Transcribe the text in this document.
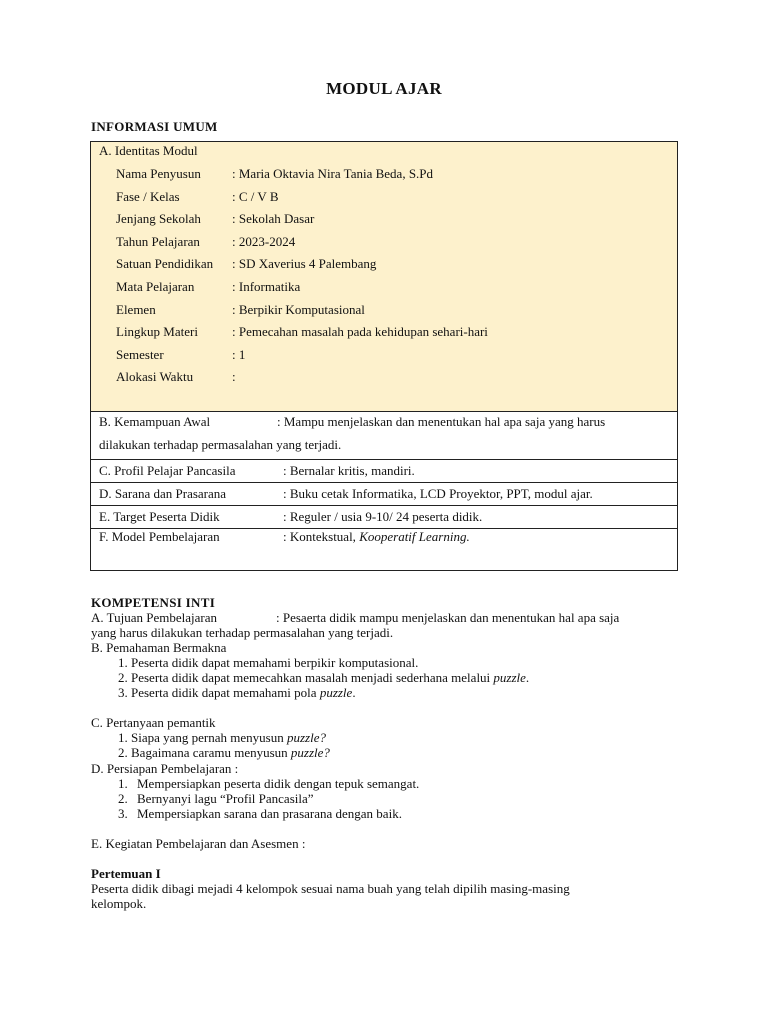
MODUL AJAR
INFORMASI UMUM
A. Identitas Modul
Nama Penyusun : Maria Oktavia Nira Tania Beda, S.Pd
Fase / Kelas	: C / V B
Jenjang Sekolah : Sekolah Dasar
Tahun Pelajaran : 2023-2024
Satuan Pendidikan : SD Xaverius 4 Palembang
Mata Pelajaran	: Informatika
Elemen	: Berpikir Komputasional
Lingkup Materi	: Pemecahan masalah pada kehidupan sehari-hari
Semester	: 1
Alokasi Waktu	:
B. Kemampuan Awal	: Mampu menjelaskan dan menentukan hal apa saja yang harus
dilakukan terhadap permasalahan yang terjadi.
C. Profil Pelajar Pancasila	: Bernalar kritis, mandiri.
D. Sarana dan Prasarana	: Buku cetak Informatika, LCD Proyektor, PPT, modul ajar.
E. Target Peserta Didik	: Reguler / usia 9-10/ 24 peserta didik.
F. Model Pembelajaran	: Kontekstual, Kooperatif Learning.
KOMPETENSI INTI
A. Tujuan Pembelajaran	: Pesaerta didik mampu menjelaskan dan menentukan hal apa saja
yang harus dilakukan terhadap permasalahan yang terjadi.
B. Pemahaman Bermakna
1. Peserta didik dapat memahami berpikir komputasional.
2. Peserta didik dapat memecahkan masalah menjadi sederhana melalui puzzle.
3. Peserta didik dapat memahami pola puzzle.
C. Pertanyaan pemantik
1. Siapa yang pernah menyusun puzzle?
2. Bagaimana caramu menyusun puzzle?
D. Persiapan Pembelajaran :
1. Mempersiapkan peserta didik dengan tepuk semangat.
2. Bernyanyi lagu “Profil Pancasila”
3. Mempersiapkan sarana dan prasarana dengan baik.
E. Kegiatan Pembelajaran dan Asesmen :
Pertemuan I
Peserta didik dibagi mejadi 4 kelompok sesuai nama buah yang telah dipilih masing-masing
kelompok.
